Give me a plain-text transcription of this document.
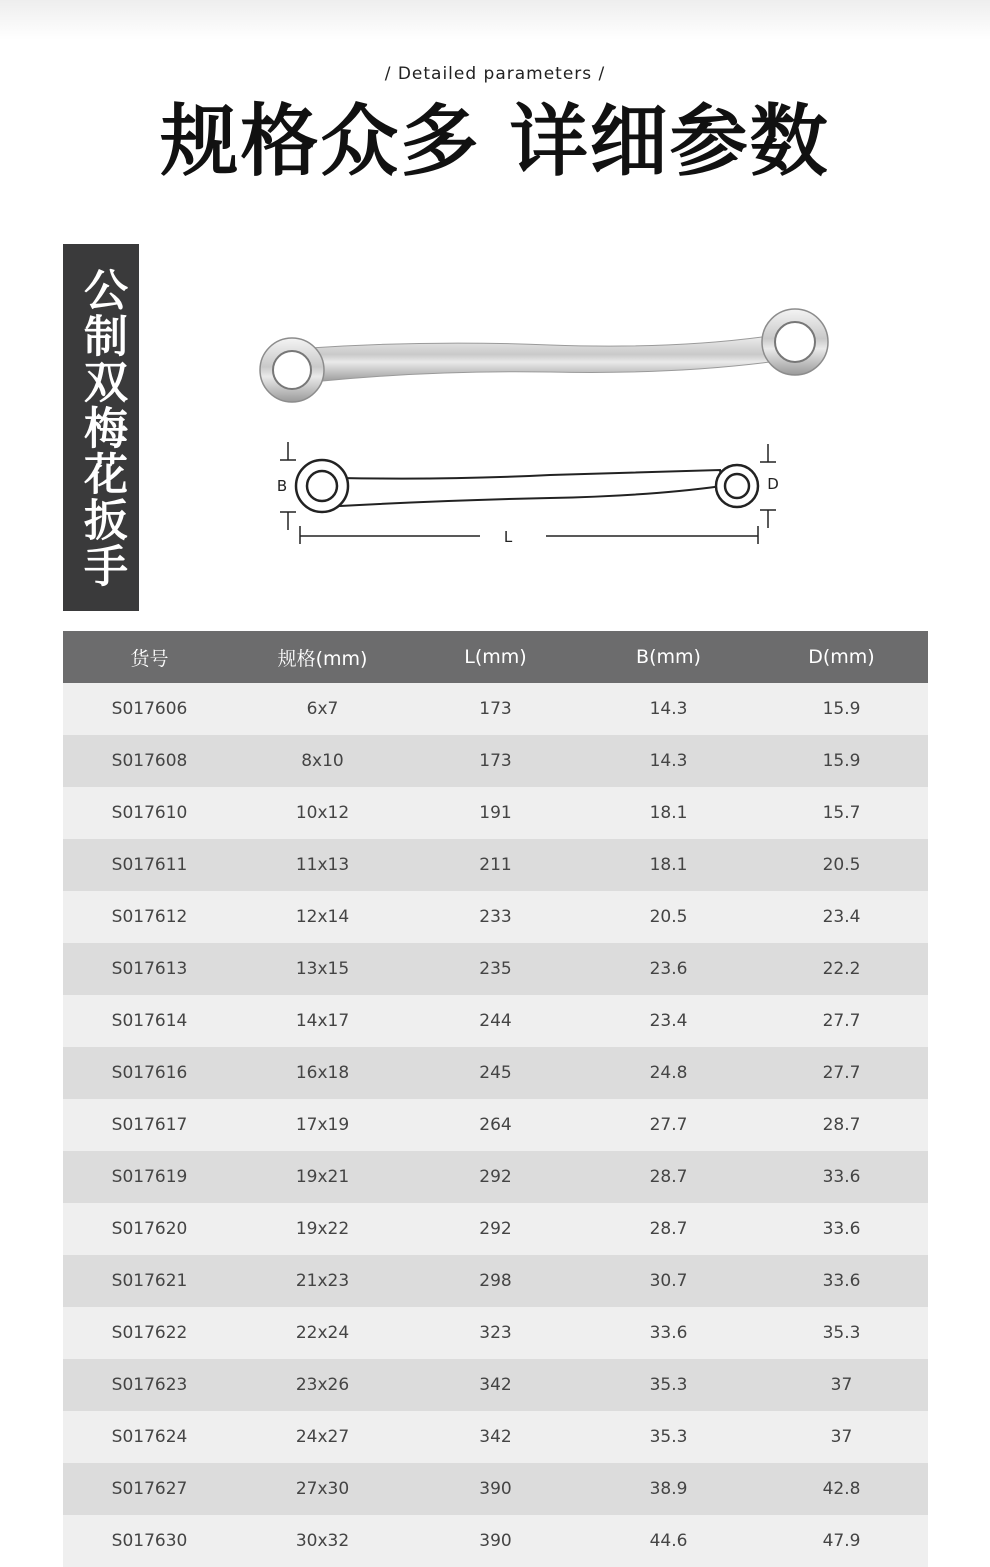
/ Detailed parameters /
规格众多 详细参数
公制双梅花扳手	B	D
L
货号	规格(mm)	L(mm)	B(mm)	D(mm)
S017606	6x7	173	14.3	15.9
S017608	8x10	173	14.3	15.9
S017610	10x12	191	18.1	15.7
S017611	11x13	211	18.1	20.5
S017612	12x14	233	20.5	23.4
S017613	13x15	235	23.6	22.2
S017614	14x17	244	23.4	27.7
S017616	16x18	245	24.8	27.7
S017617	17x19	264	27.7	28.7
S017619	19x21	292	28.7	33.6
S017620	19x22	292	28.7	33.6
S017621	21x23	298	30.7	33.6
S017622	22x24	323	33.6	35.3
S017623	23x26	342	35.3	37
S017624	24x27	342	35.3	37
S017627	27x30	390	38.9	42.8
S017630	30x32	390	44.6	47.9
